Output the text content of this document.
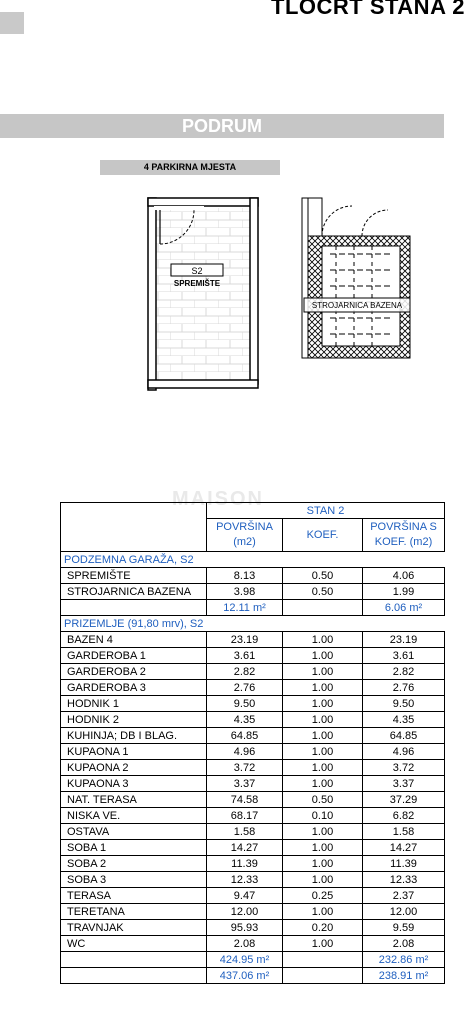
TLOCRT STANA 2
PODRUM
4 PARKIRNA MJESTA
S2
SPREMIŠTE
STROJARNICA BAZENA
MAISON
	STAN 2		
	POVRŠINA (m2)	KOEF.	POVRŠINA S KOEF. (m2)
PODZEMNA GARAŽA, S2			
SPREMIŠTE	8.13	0.50	4.06
STROJARNICA BAZENA	3.98	0.50	1.99
	12.11 m²		6.06 m²
PRIZEMLJE (91,80 mrv), S2			
BAZEN 4	23.19	1.00	23.19
GARDEROBA 1	3.61	1.00	3.61
GARDEROBA 2	2.82	1.00	2.82
GARDEROBA 3	2.76	1.00	2.76
HODNIK 1	9.50	1.00	9.50
HODNIK 2	4.35	1.00	4.35
KUHINJA; DB I BLAG.	64.85	1.00	64.85
KUPAONA 1	4.96	1.00	4.96
KUPAONA 2	3.72	1.00	3.72
KUPAONA 3	3.37	1.00	3.37
NAT. TERASA	74.58	0.50	37.29
NISKA VE.	68.17	0.10	6.82
OSTAVA	1.58	1.00	1.58
SOBA 1	14.27	1.00	14.27
SOBA 2	11.39	1.00	11.39
SOBA 3	12.33	1.00	12.33
TERASA	9.47	0.25	2.37
TERETANA	12.00	1.00	12.00
TRAVNJAK	95.93	0.20	9.59
WC	2.08	1.00	2.08
	424.95 m²		232.86 m²
	437.06 m²		238.91 m²
